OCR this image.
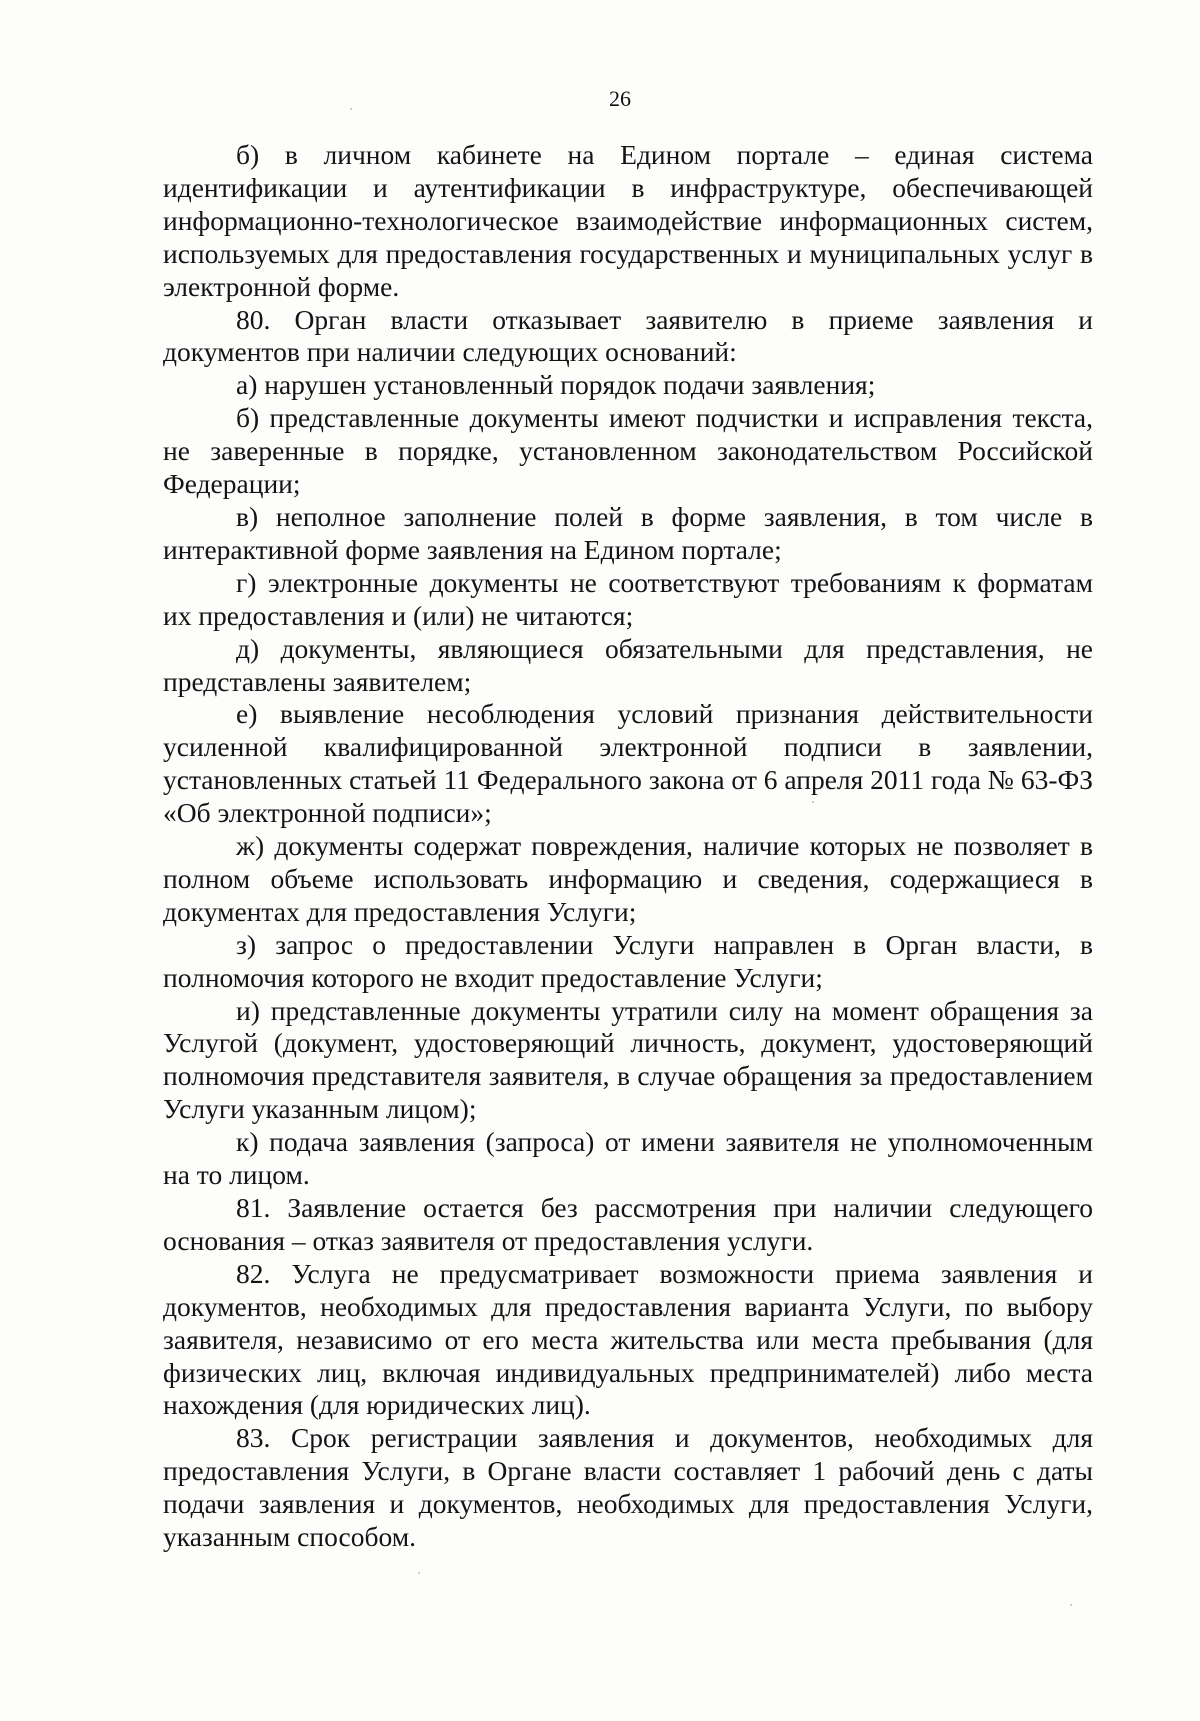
26

б) в личном кабинете на Едином портале – единая система идентификации и аутентификации в инфраструктуре, обеспечивающей информационно-технологическое взаимодействие информационных систем, используемых для предоставления государственных и муниципальных услуг в электронной форме.

80. Орган власти отказывает заявителю в приеме заявления и документов при наличии следующих оснований:

а) нарушен установленный порядок подачи заявления;

б) представленные документы имеют подчистки и исправления текста, не заверенные в порядке, установленном законодательством Российской Федерации;

в) неполное заполнение полей в форме заявления, в том числе в интерактивной форме заявления на Едином портале;

г) электронные документы не соответствуют требованиям к форматам их предоставления и (или) не читаются;

д) документы, являющиеся обязательными для представления, не представлены заявителем;

е) выявление несоблюдения условий признания действительности усиленной квалифицированной электронной подписи в заявлении, установленных статьей 11 Федерального закона от 6 апреля 2011 года № 63-ФЗ «Об электронной подписи»;

ж) документы содержат повреждения, наличие которых не позволяет в полном объеме использовать информацию и сведения, содержащиеся в документах для предоставления Услуги;

з) запрос о предоставлении Услуги направлен в Орган власти, в полномочия которого не входит предоставление Услуги;

и) представленные документы утратили силу на момент обращения за Услугой (документ, удостоверяющий личность, документ, удостоверяющий полномочия представителя заявителя, в случае обращения за предоставлением Услуги указанным лицом);

к) подача заявления (запроса) от имени заявителя не уполномоченным на то лицом.

81. Заявление остается без рассмотрения при наличии следующего основания – отказ заявителя от предоставления услуги.

82. Услуга не предусматривает возможности приема заявления и документов, необходимых для предоставления варианта Услуги, по выбору заявителя, независимо от его места жительства или места пребывания (для физических лиц, включая индивидуальных предпринимателей) либо места нахождения (для юридических лиц).

83. Срок регистрации заявления и документов, необходимых для предоставления Услуги, в Органе власти составляет 1 рабочий день с даты подачи заявления и документов, необходимых для предоставления Услуги, указанным способом.
